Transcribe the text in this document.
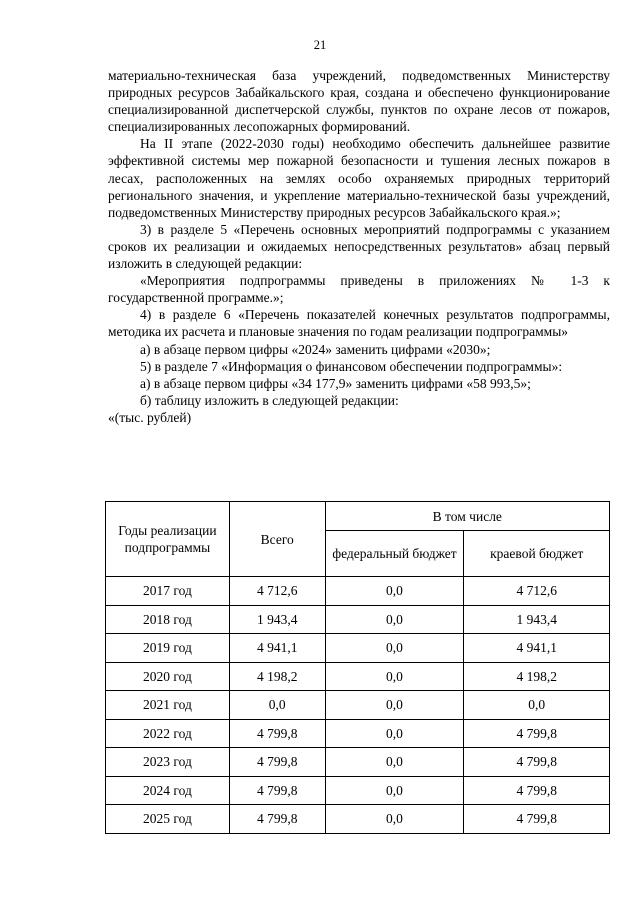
21

материально-техническая база учреждений, подведомственных Министерству природных ресурсов Забайкальского края, создана и обеспечено функционирование специализированной диспетчерской службы, пунктов по охране лесов от пожаров, специализированных лесопожарных формирований.

На II этапе (2022-2030 годы) необходимо обеспечить дальнейшее развитие эффективной системы мер пожарной безопасности и тушения лесных пожаров в лесах, расположенных на землях особо охраняемых природных территорий регионального значения, и укрепление материально-технической базы учреждений, подведомственных Министерству природных ресурсов Забайкальского края.»;

3) в разделе 5 «Перечень основных мероприятий подпрограммы с указанием сроков их реализации и ожидаемых непосредственных результатов» абзац первый изложить в следующей редакции:

«Мероприятия подпрограммы приведены в приложениях № 1-3 к государственной программе.»;

4) в разделе 6 «Перечень показателей конечных результатов подпрограммы, методика их расчета и плановые значения по годам реализации подпрограммы»

а) в абзаце первом цифры «2024» заменить цифрами «2030»;

5) в разделе 7 «Информация о финансовом обеспечении подпрограммы»:

а) в абзаце первом цифры «34 177,9» заменить цифрами «58 993,5»;

б) таблицу изложить в следующей редакции:

«(тыс. рублей)

Годы реализации подпрограммы	Всего	В том числе	
		федеральный бюджет	краевой бюджет
2017 год	4 712,6	0,0	4 712,6
2018 год	1 943,4	0,0	1 943,4
2019 год	4 941,1	0,0	4 941,1
2020 год	4 198,2	0,0	4 198,2
2021 год	0,0	0,0	0,0
2022 год	4 799,8	0,0	4 799,8
2023 год	4 799,8	0,0	4 799,8
2024 год	4 799,8	0,0	4 799,8
2025 год	4 799,8	0,0	4 799,8
